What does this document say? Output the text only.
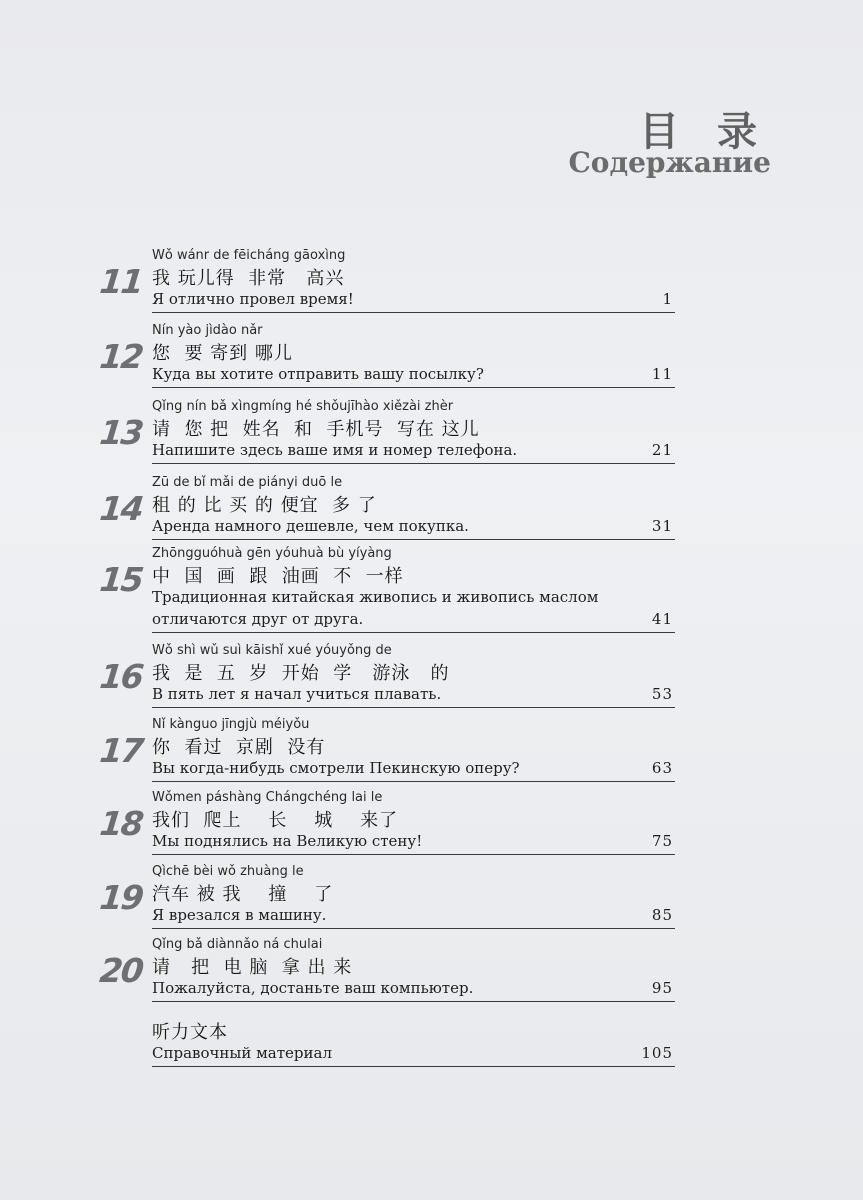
目 录
Содержание
11
Wǒ wánr de fēicháng gāoxìng
我 玩儿得  非常   高兴
Я отлично провел время!	1
12
Nín yào jìdào nǎr
您  要 寄到 哪儿
Куда вы хотите отправить вашу посылку?	11
13
Qǐng nín bǎ xìngmíng hé shǒujīhào xiězài zhèr
请  您 把  姓名  和  手机号  写在 这儿
Напишите здесь ваше имя и номер телефона.	21
14
Zū de bǐ mǎi de piányi duō le
租 的 比 买 的 便宜  多 了
Аренда намного дешевле, чем покупка.	31
15
Zhōngguóhuà gēn yóuhuà bù yíyàng
中  国  画  跟  油画  不  一样
Традиционная китайская живопись и живопись маслом
отличаются друг от друга.	41
16
Wǒ shì wǔ suì kāishǐ xué yóuyǒng de
我  是  五  岁  开始  学   游泳   的
В пять лет я начал учиться плавать.	53
17
Nǐ kànguo jīngjù méiyǒu
你  看过  京剧  没有
Вы когда-нибудь смотрели Пекинскую оперу?	63
18
Wǒmen páshàng Chángchéng lai le
我们  爬上    长    城    来了
Мы поднялись на Великую стену!	75
19
Qìchē bèi wǒ zhuàng le
汽车 被 我    撞    了
Я врезался в машину.	85
20
Qǐng bǎ diànnǎo ná chulai
请   把  电 脑  拿 出 来
Пожалуйста, достаньте ваш компьютер.	95
听力文本
Справочный материал	105
